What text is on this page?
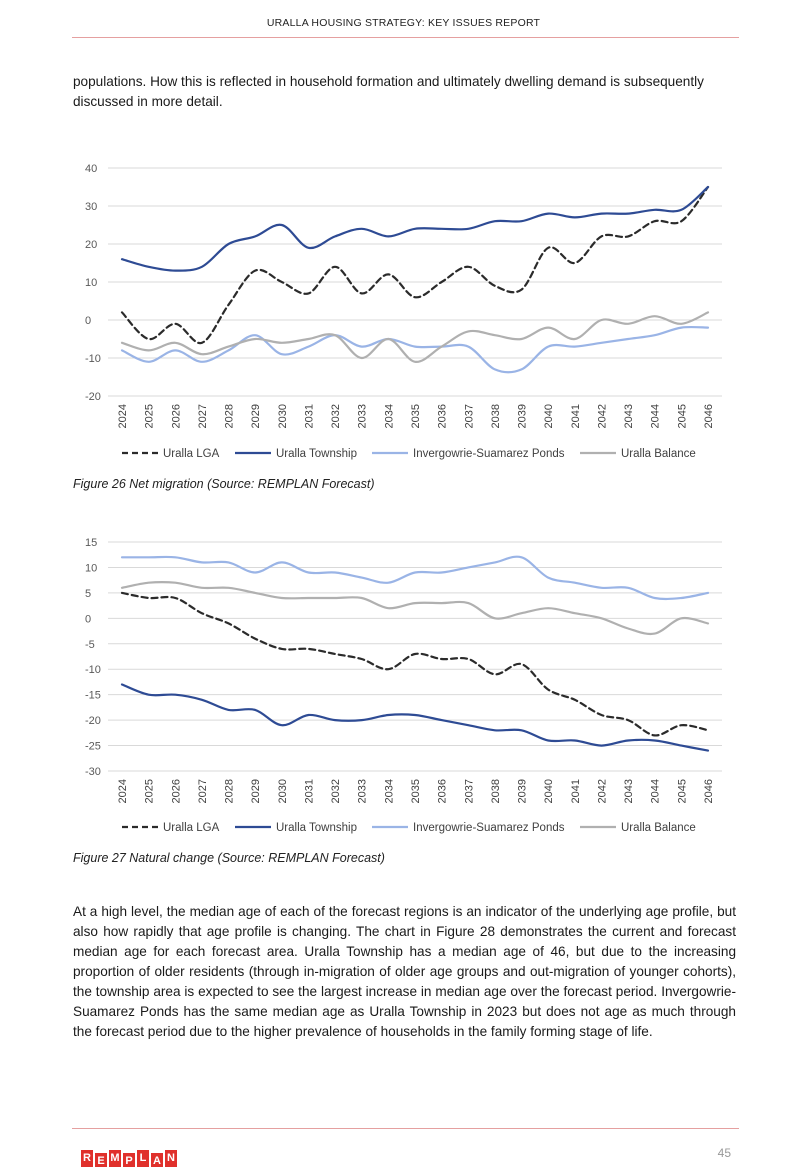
URALLA HOUSING STRATEGY: KEY ISSUES REPORT
populations. How this is reflected in household formation and ultimately dwelling demand is subsequently discussed in more detail.
-20
-10
0
10
20
30
40
2024 2025 2026 2027 2028 2029 2030 2031 2032 2033 2034 2035 2036 2037 2038 2039 2040 2041 2042 2043 2044 2045 2046
Uralla LGA	Uralla Township	Invergowrie-Suamarez Ponds	Uralla Balance
Figure 26 Net migration (Source: REMPLAN Forecast)
-30
-25
-20
-15
-10
-5
0
5
10
15
2024 2025 2026 2027 2028 2029 2030 2031 2032 2033 2034 2035 2036 2037 2038 2039 2040 2041 2042 2043 2044 2045 2046
Uralla LGA	Uralla Township	Invergowrie-Suamarez Ponds	Uralla Balance
Figure 27 Natural change (Source: REMPLAN Forecast)
At a high level, the median age of each of the forecast regions is an indicator of the underlying age profile, but also how rapidly that age profile is changing. The chart in Figure 28 demonstrates the current and forecast median age for each forecast area. Uralla Township has a median age of 46, but due to the increasing proportion of older residents (through in-migration of older age groups and out-migration of younger cohorts), the township area is expected to see the largest increase in median age over the forecast period. Invergowrie-Suamarez Ponds has the same median age as Uralla Township in 2023 but does not age as much through the forecast period due to the higher prevalence of households in the family forming stage of life.
45
R E M P L A N
